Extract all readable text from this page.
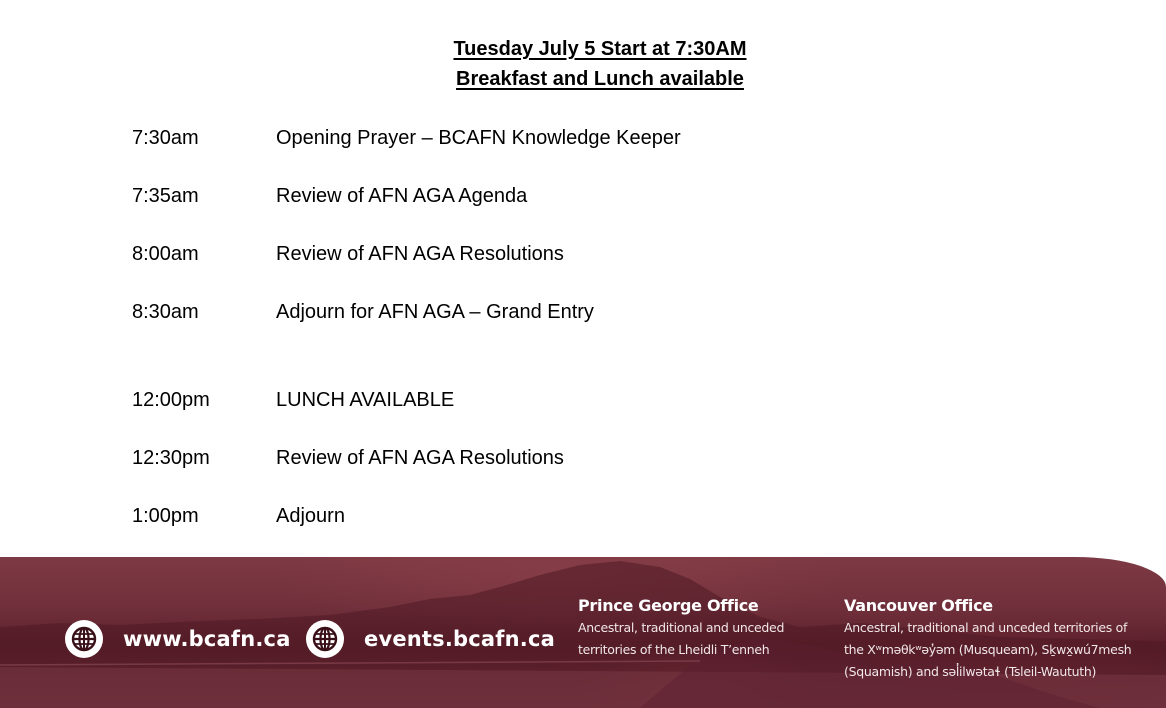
Tuesday July 5 Start at 7:30AM
Breakfast and Lunch available
7:30am	Opening Prayer – BCAFN Knowledge Keeper
7:35am	Review of AFN AGA Agenda
8:00am	Review of AFN AGA Resolutions
8:30am	Adjourn for AFN AGA – Grand Entry
12:00pm	LUNCH AVAILABLE
12:30pm	Review of AFN AGA Resolutions
1:00pm	Adjourn
www.bcafn.ca	events.bcafn.ca
Prince George Office
Ancestral, traditional and unceded
territories of the Lheidli T’enneh
Vancouver Office
Ancestral, traditional and unceded territories of
the Xʷməθkʷəy̓əm (Musqueam), Sḵwx̱wú7mesh
(Squamish) and səl̓ilwətaɬ (Tsleil-Waututh)
